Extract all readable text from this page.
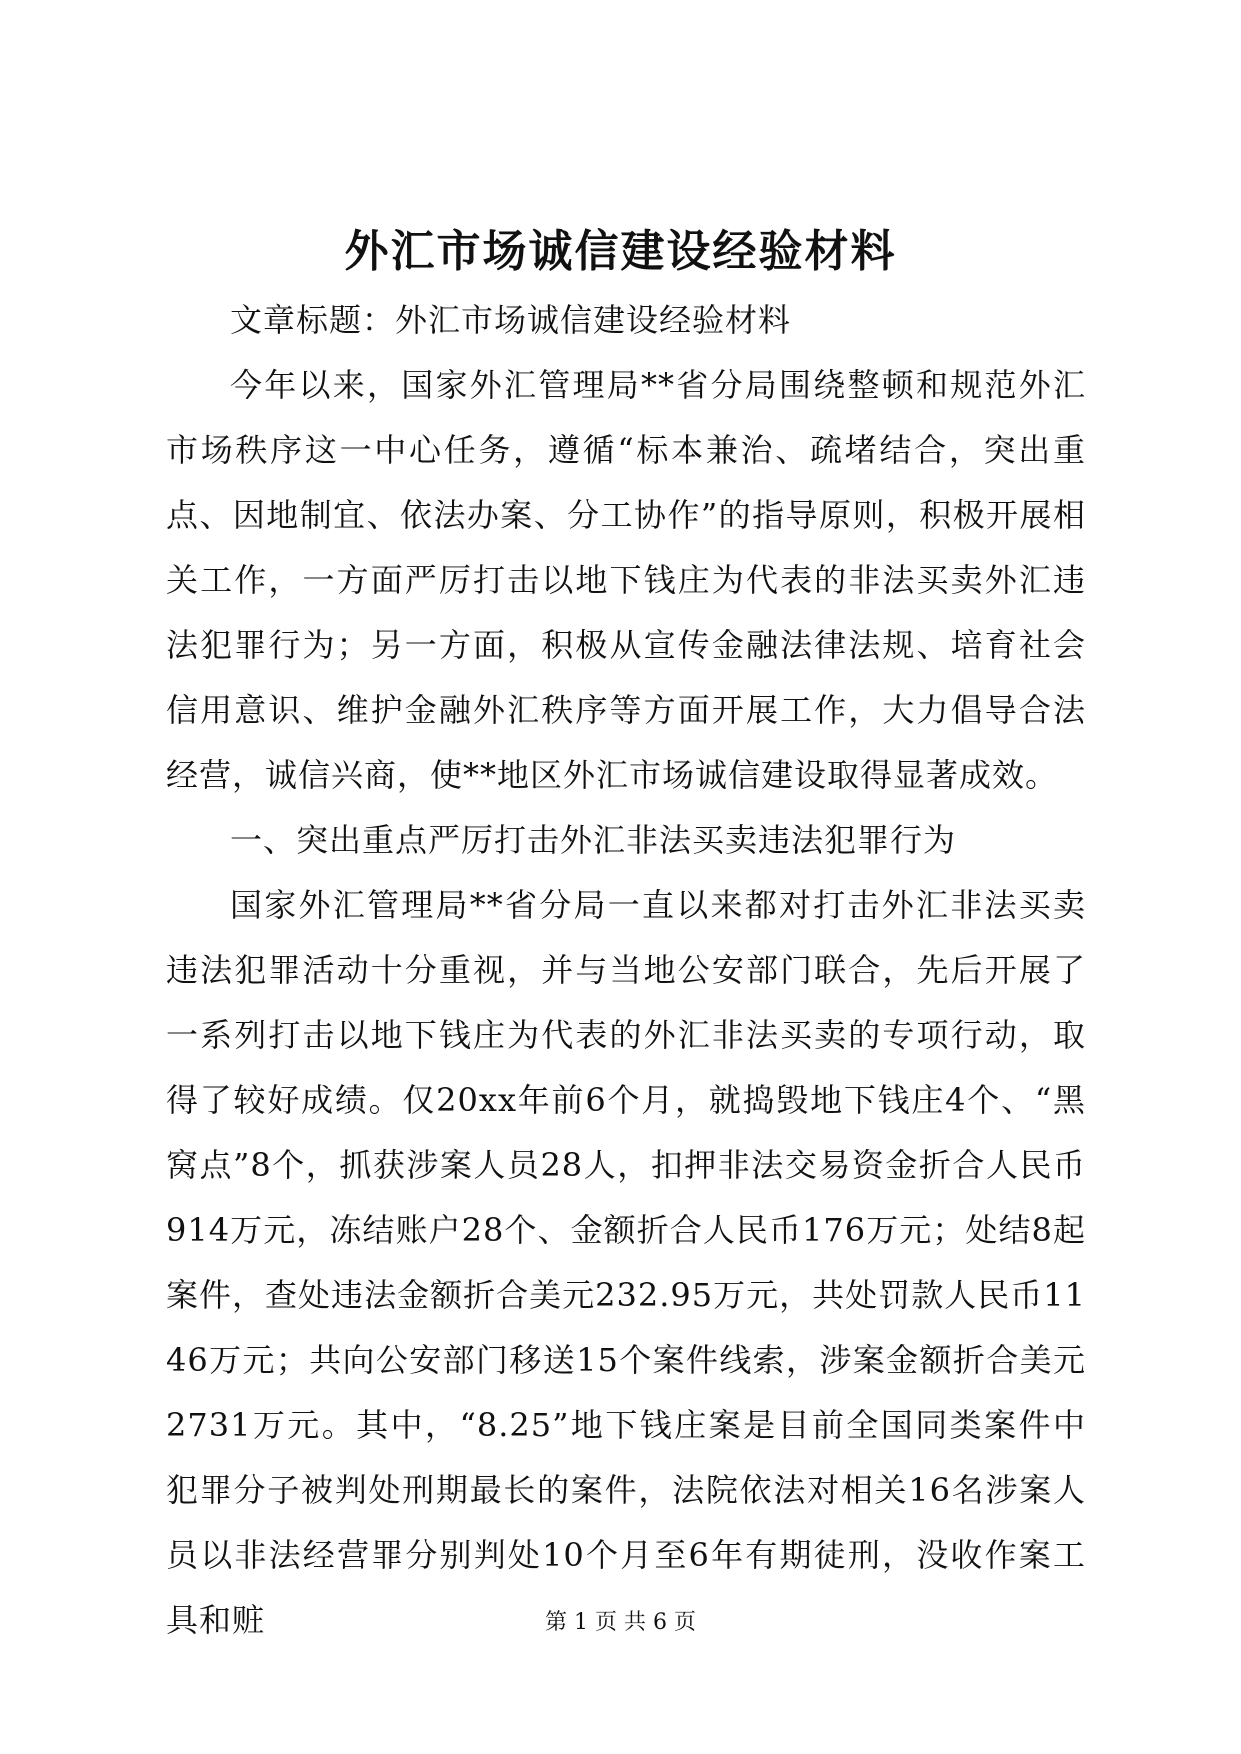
外汇市场诚信建设经验材料

文章标题：外汇市场诚信建设经验材料

今年以来，国家外汇管理局**省分局围绕整顿和规范外汇市场秩序这一中心任务，遵循“标本兼治、疏堵结合，突出重点、因地制宜、依法办案、分工协作”的指导原则，积极开展相关工作，一方面严厉打击以地下钱庄为代表的非法买卖外汇违法犯罪行为；另一方面，积极从宣传金融法律法规、培育社会信用意识、维护金融外汇秩序等方面开展工作，大力倡导合法经营，诚信兴商，使**地区外汇市场诚信建设取得显著成效。

一、突出重点严厉打击外汇非法买卖违法犯罪行为

国家外汇管理局**省分局一直以来都对打击外汇非法买卖违法犯罪活动十分重视，并与当地公安部门联合，先后开展了一系列打击以地下钱庄为代表的外汇非法买卖的专项行动，取得了较好成绩。仅20xx年前6个月，就捣毁地下钱庄4个、“黑窝点”8个，抓获涉案人员28人，扣押非法交易资金折合人民币914万元，冻结账户28个、金额折合人民币176万元；处结8起案件，查处违法金额折合美元232.95万元，共处罚款人民币1146万元；共向公安部门移送15个案件线索，涉案金额折合美元2731万元。其中，“8.25”地下钱庄案是目前全国同类案件中犯罪分子被判处刑期最长的案件，法院依法对相关16名涉案人员以非法经营罪分别判处10个月至6年有期徒刑，没收作案工具和赃	第 1 页 共 6 页
